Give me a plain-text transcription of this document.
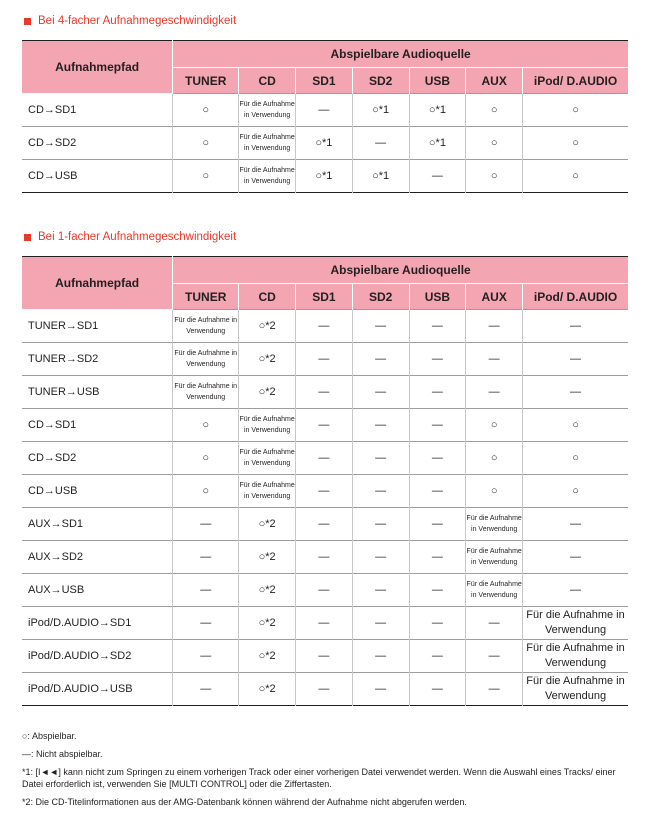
Bei 4-facher Aufnahmegeschwindigkeit
Aufnahmepfad	Abspielbare Audioquelle						
	TUNER	CD	SD1	SD2	USB	AUX	iPod/ D.AUDIO
CD→SD1	○	Für die Aufnahme in Verwendung	—	○*1	○*1	○	○
CD→SD2	○	Für die Aufnahme in Verwendung	○*1	—	○*1	○	○
CD→USB	○	Für die Aufnahme in Verwendung	○*1	○*1	—	○	○
Bei 1-facher Aufnahmegeschwindigkeit
Aufnahmepfad	Abspielbare Audioquelle						
	TUNER	CD	SD1	SD2	USB	AUX	iPod/ D.AUDIO
TUNER→SD1	Für die Aufnahme in Verwendung	○*2	—	—	—	—	—
TUNER→SD2	Für die Aufnahme in Verwendung	○*2	—	—	—	—	—
TUNER→USB	Für die Aufnahme in Verwendung	○*2	—	—	—	—	—
CD→SD1	○	Für die Aufnahme in Verwendung	—	—	—	○	○
CD→SD2	○	Für die Aufnahme in Verwendung	—	—	—	○	○
CD→USB	○	Für die Aufnahme in Verwendung	—	—	—	○	○
AUX→SD1	—	○*2	—	—	—	Für die Aufnahme in Verwendung	—
AUX→SD2	—	○*2	—	—	—	Für die Aufnahme in Verwendung	—
AUX→USB	—	○*2	—	—	—	Für die Aufnahme in Verwendung	—
iPod/D.AUDIO→SD1	—	○*2	—	—	—	—	Für die Aufnahme in Verwendung

iPod/D.AUDIO→SD2	—	○*2	—	—	—	—	Für die Aufnahme in Verwendung

iPod/D.AUDIO→USB	—	○*2	—	—	—	—	Für die Aufnahme in Verwendung
○: Abspielbar.
—: Nicht abspielbar.
*1: [I◄◄] kann nicht zum Springen zu einem vorherigen Track oder einer vorherigen Datei verwendet werden. Wenn die Auswahl eines Tracks/ einer Datei erforderlich ist, verwenden Sie [MULTI CONTROL] oder die Ziffertasten.
*2: Die CD-Titelinformationen aus der AMG-Datenbank können während der Aufnahme nicht abgerufen werden.
